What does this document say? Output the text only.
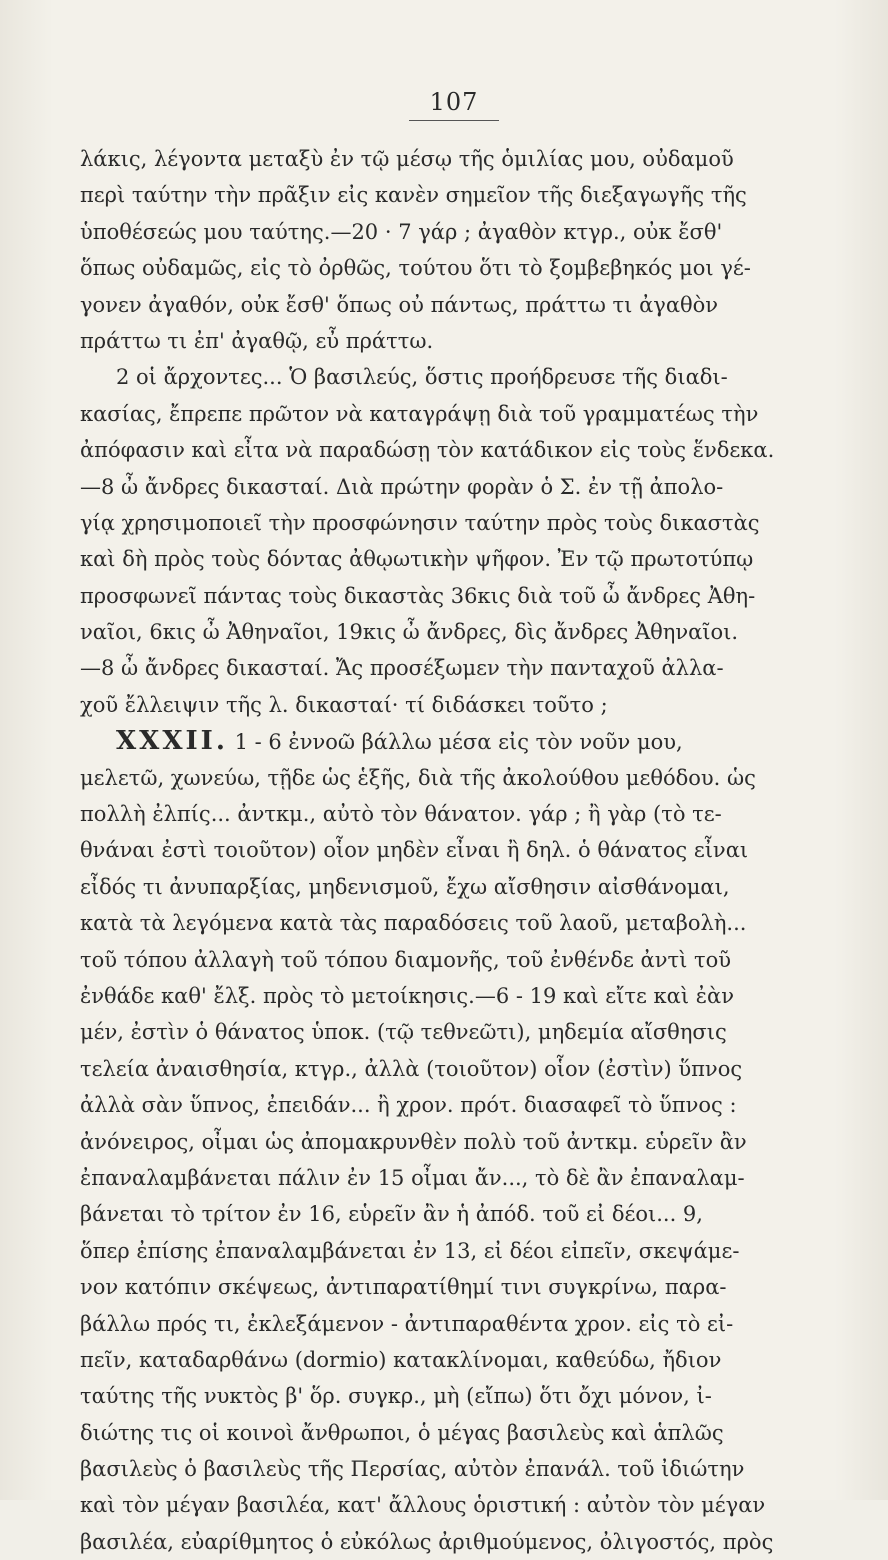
107
λάκις, λέγοντα μεταξὺ ἐν τῷ μέσῳ τῆς ὁμιλίας μου, οὐδαμοῦ
περὶ ταύτην τὴν πρᾶξιν εἰς κανὲν σημεῖον τῆς διεξαγωγῆς τῆς
ὑποθέσεώς μου ταύτης.—20 · 7 γάρ ; ἀγαθὸν κτγρ., οὐκ ἔσθ'
ὅπως οὐδαμῶς, εἰς τὸ ὀρθῶς, τούτου ὅτι τὸ ξομβεβηκός μοι γέ-
γονεν ἀγαθόν, οὐκ ἔσθ' ὅπως οὐ πάντως, πράττω τι ἀγαθὸν
πράττω τι ἐπ' ἀγαθῷ, εὖ πράττω.
2 οἱ ἄρχοντες... Ὁ βασιλεύς, ὅστις προήδρευσε τῆς διαδι-
κασίας, ἔπρεπε πρῶτον νὰ καταγράψῃ διὰ τοῦ γραμματέως τὴν
ἀπόφασιν καὶ εἶτα νὰ παραδώσῃ τὸν κατάδικον εἰς τοὺς ἕνδεκα.
—8 ὦ ἄνδρες δικασταί. Διὰ πρώτην φορὰν ὁ Σ. ἐν τῇ ἀπολο-
γίᾳ χρησιμοποιεῖ τὴν προσφώνησιν ταύτην πρὸς τοὺς δικαστὰς
καὶ δὴ πρὸς τοὺς δόντας ἀθῳωτικὴν ψῆφον. Ἐν τῷ πρωτοτύπῳ
προσφωνεῖ πάντας τοὺς δικαστὰς 36κις διὰ τοῦ ὦ ἄνδρες Ἀθη-
ναῖοι, 6κις ὦ Ἀθηναῖοι, 19κις ὦ ἄνδρες, δὶς ἄνδρες Ἀθηναῖοι.
—8 ὦ ἄνδρες δικασταί. Ἄς προσέξωμεν τὴν πανταχοῦ ἀλλα-
χοῦ ἔλλειψιν τῆς λ. δικασταί· τί διδάσκει τοῦτο ;
XXXII. 1 - 6 ἐννοῶ βάλλω μέσα εἰς τὸν νοῦν μου,
μελετῶ, χωνεύω, τῇδε ὡς ἑξῆς, διὰ τῆς ἀκολούθου μεθόδου. ὡς
πολλὴ ἐλπίς... ἀντκμ., αὐτὸ τὸν θάνατον. γάρ ; ἢ γὰρ (τὸ τε-
θνάναι ἐστὶ τοιοῦτον) οἷον μηδὲν εἶναι ἢ δηλ. ὁ θάνατος εἶναι
εἶδός τι ἀνυπαρξίας, μηδενισμοῦ, ἔχω αἴσθησιν αἰσθάνομαι,
κατὰ τὰ λεγόμενα κατὰ τὰς παραδόσεις τοῦ λαοῦ, μεταβολὴ...
τοῦ τόπου ἀλλαγὴ τοῦ τόπου διαμονῆς, τοῦ ἐνθένδε ἀντὶ τοῦ
ἐνθάδε καθ' ἔλξ. πρὸς τὸ μετοίκησις.—6 - 19 καὶ εἴτε καὶ ἐὰν
μέν, ἐστὶν ὁ θάνατος ὑποκ. (τῷ τεθνεῶτι), μηδεμία αἴσθησις
τελεία ἀναισθησία, κτγρ., ἀλλὰ (τοιοῦτον) οἷον (ἐστὶν) ὕπνος
ἀλλὰ σὰν ὕπνος, ἐπειδάν... ἢ χρον. πρότ. διασαφεῖ τὸ ὕπνος :
ἀνόνειρος, οἶμαι ὡς ἀπομακρυνθὲν πολὺ τοῦ ἀντκμ. εὑρεῖν ἂν
ἐπαναλαμβάνεται πάλιν ἐν 15 οἶμαι ἄν..., τὸ δὲ ἂν ἐπαναλαμ-
βάνεται τὸ τρίτον ἐν 16, εὑρεῖν ἂν ἡ ἀπόδ. τοῦ εἰ δέοι... 9,
ὅπερ ἐπίσης ἐπαναλαμβάνεται ἐν 13, εἰ δέοι εἰπεῖν, σκεψάμε-
νον κατόπιν σκέψεως, ἀντιπαρατίθημί τινι συγκρίνω, παρα-
βάλλω πρός τι, ἐκλεξάμενον - ἀντιπαραθέντα χρον. εἰς τὸ εἰ-
πεῖν, καταδαρθάνω (dormio) κατακλίνομαι, καθεύδω, ἤδιον
ταύτης τῆς νυκτὸς β' ὅρ. συγκρ., μὴ (εἴπω) ὅτι ὄχι μόνον, ἰ-
διώτης τις οἱ κοινοὶ ἄνθρωποι, ὁ μέγας βασιλεὺς καὶ ἁπλῶς
βασιλεὺς ὁ βασιλεὺς τῆς Περσίας, αὐτὸν ἐπανάλ. τοῦ ἰδιώτην
καὶ τὸν μέγαν βασιλέα, κατ' ἄλλους ὁριστική : αὐτὸν τὸν μέγαν
βασιλέα, εὐαρίθμητος ὁ εὐκόλως ἀριθμούμενος, ὀλιγοστός, πρὸς
